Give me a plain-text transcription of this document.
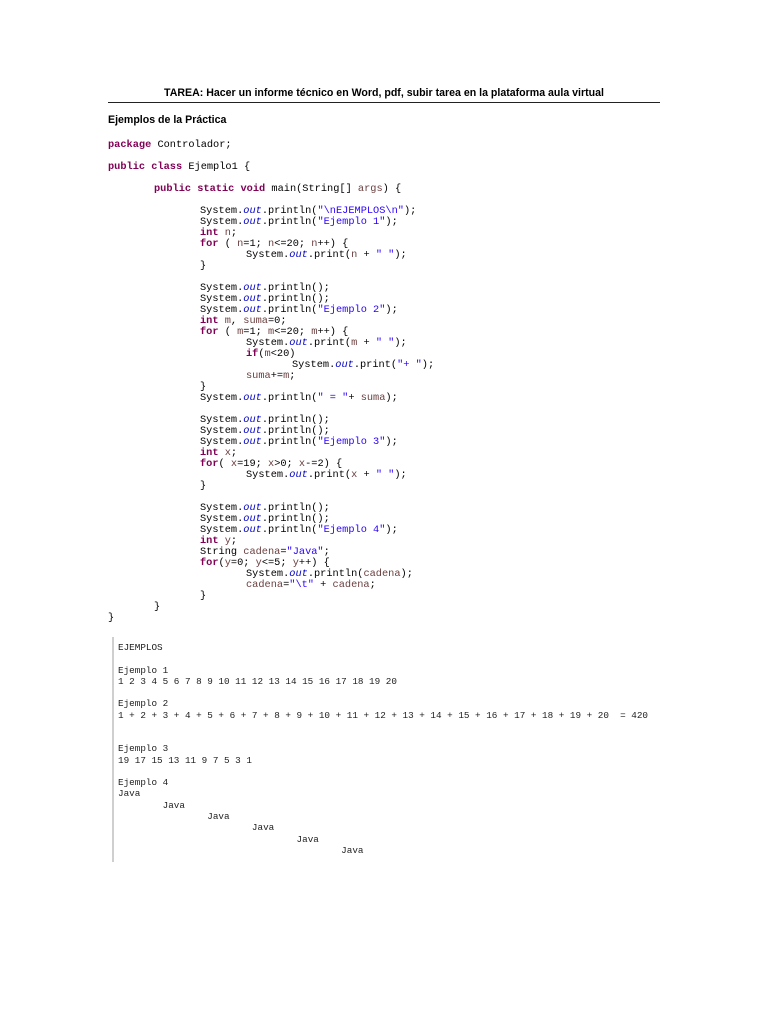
TAREA: Hacer un informe técnico en Word, pdf, subir tarea en la plataforma aula virtual
Ejemplos de la Práctica
package Controlador;
public class Ejemplo1 {
	public static void main(String[] args) {
		System.out.println("\nEJEMPLOS\n");
		System.out.println("Ejemplo 1");
		int n;
		for ( n=1; n<=20; n++) {
			System.out.print(n + " ");
		}
		System.out.println();
		System.out.println();
		System.out.println("Ejemplo 2");
		int m, suma=0;
		for ( m=1; m<=20; m++) {
			System.out.print(m + " ");
			if(m<20)
				System.out.print("+ ");
			suma+=m;
		}
		System.out.println(" = "+ suma);
		System.out.println();
		System.out.println();
		System.out.println("Ejemplo 3");
		int x;
		for( x=19; x>0; x-=2) {
			System.out.print(x + " ");
		}
		System.out.println();
		System.out.println();
		System.out.println("Ejemplo 4");
		int y;
		String cadena="Java";
		for(y=0; y<=5; y++) {
			System.out.println(cadena);
			cadena="\t" + cadena;
		}
	}
}
EJEMPLOS
Ejemplo 1
1 2 3 4 5 6 7 8 9 10 11 12 13 14 15 16 17 18 19 20
Ejemplo 2
1 + 2 + 3 + 4 + 5 + 6 + 7 + 8 + 9 + 10 + 11 + 12 + 13 + 14 + 15 + 16 + 17 + 18 + 19 + 20  = 420
Ejemplo 3
19 17 15 13 11 9 7 5 3 1
Ejemplo 4
Java
	Java
		Java
			Java
				Java
					Java
